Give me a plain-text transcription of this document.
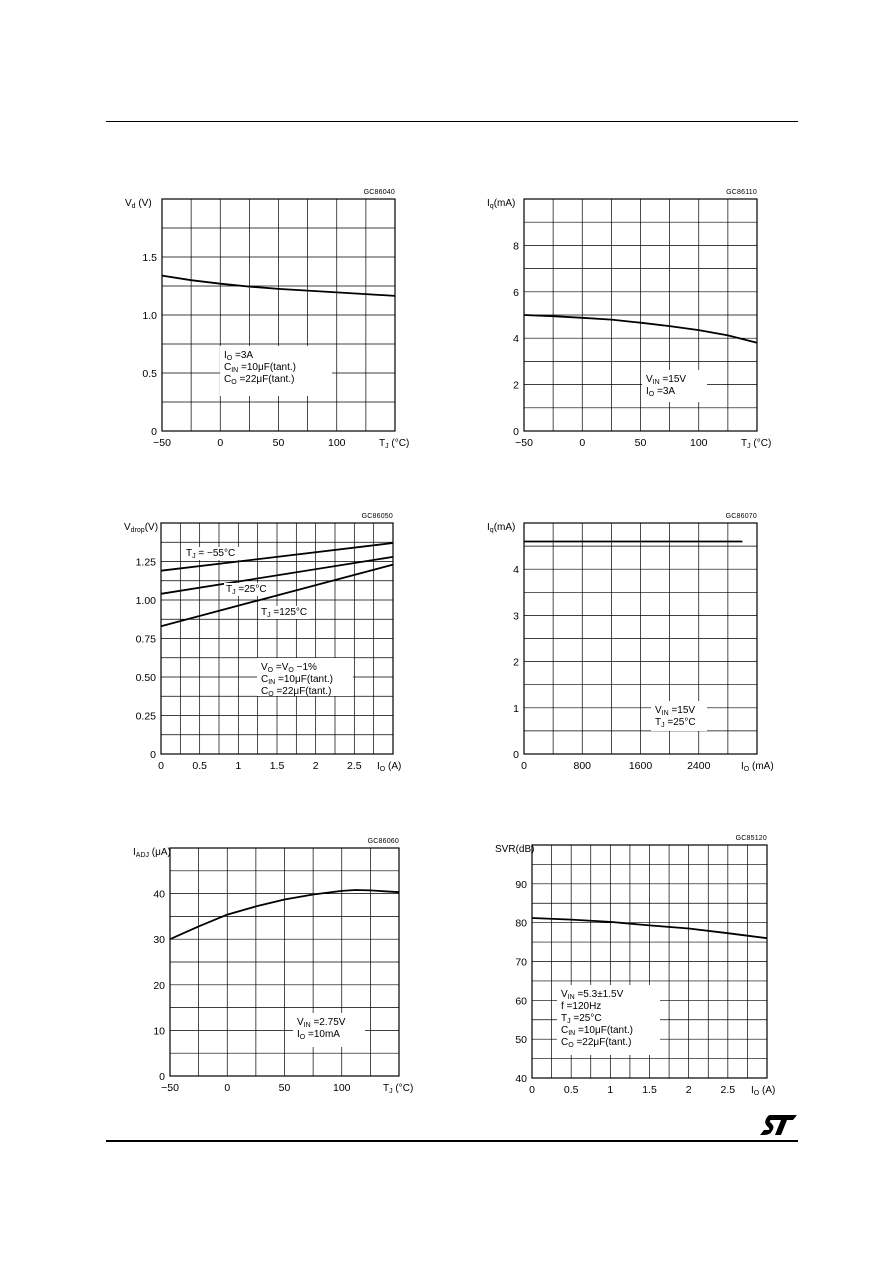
GC86040
$V_d$ (V)
$T_J$ (°C)
0
0.5
1.0
1.5
−50	0	50	100
$I_O =3A$
$C_{IN} =10\mu F(\tan t.)$
$C_O =22\mu F(\tan t.)$
GC86110
$I_q(mA)$
$T_J$ (°C)
0
2
4
6
8
−50	0	50	100
$V_{IN} =15V$
$I_O =3A$
GC86050
$V_{drop}(V)$
$I_O$ (A)
0
0.25
0.50
0.75
1.00
1.25
0	0.5	1	1.5	2	2.5
$T_J = -55^\circ C$
$T_J =25^\circ C$
$T_J =125^\circ C$
$V_O =V_O -1\%$
$C_{IN} =10\mu F(\tan t.)$
$C_O =22\mu F(\tan t.)$
GC86070
$I_q(mA)$
$I_O$ (mA)
0
1
2
3
4
0	800	1600	2400
$V_{IN} =15V$
$T_J =25^\circ C$
GC86060
$I_{ADJ}$ (μA)
$T_J$ (°C)
0
10
20
30
40
−50	0	50	100
$V_{IN} =2.75V$
$I_O =10mA$
GC85120
SVR(dB)
$I_O$ (A)
40
50
60
70
80
90
0	0.5	1	1.5	2	2.5
$V_{IN} =5.3\pm 1.5V$
f =120Hz
$T_J =25^\circ C$
$C_{IN} =10\mu F(\tan t.)$
$C_O =22\mu F(\tan t.)$
